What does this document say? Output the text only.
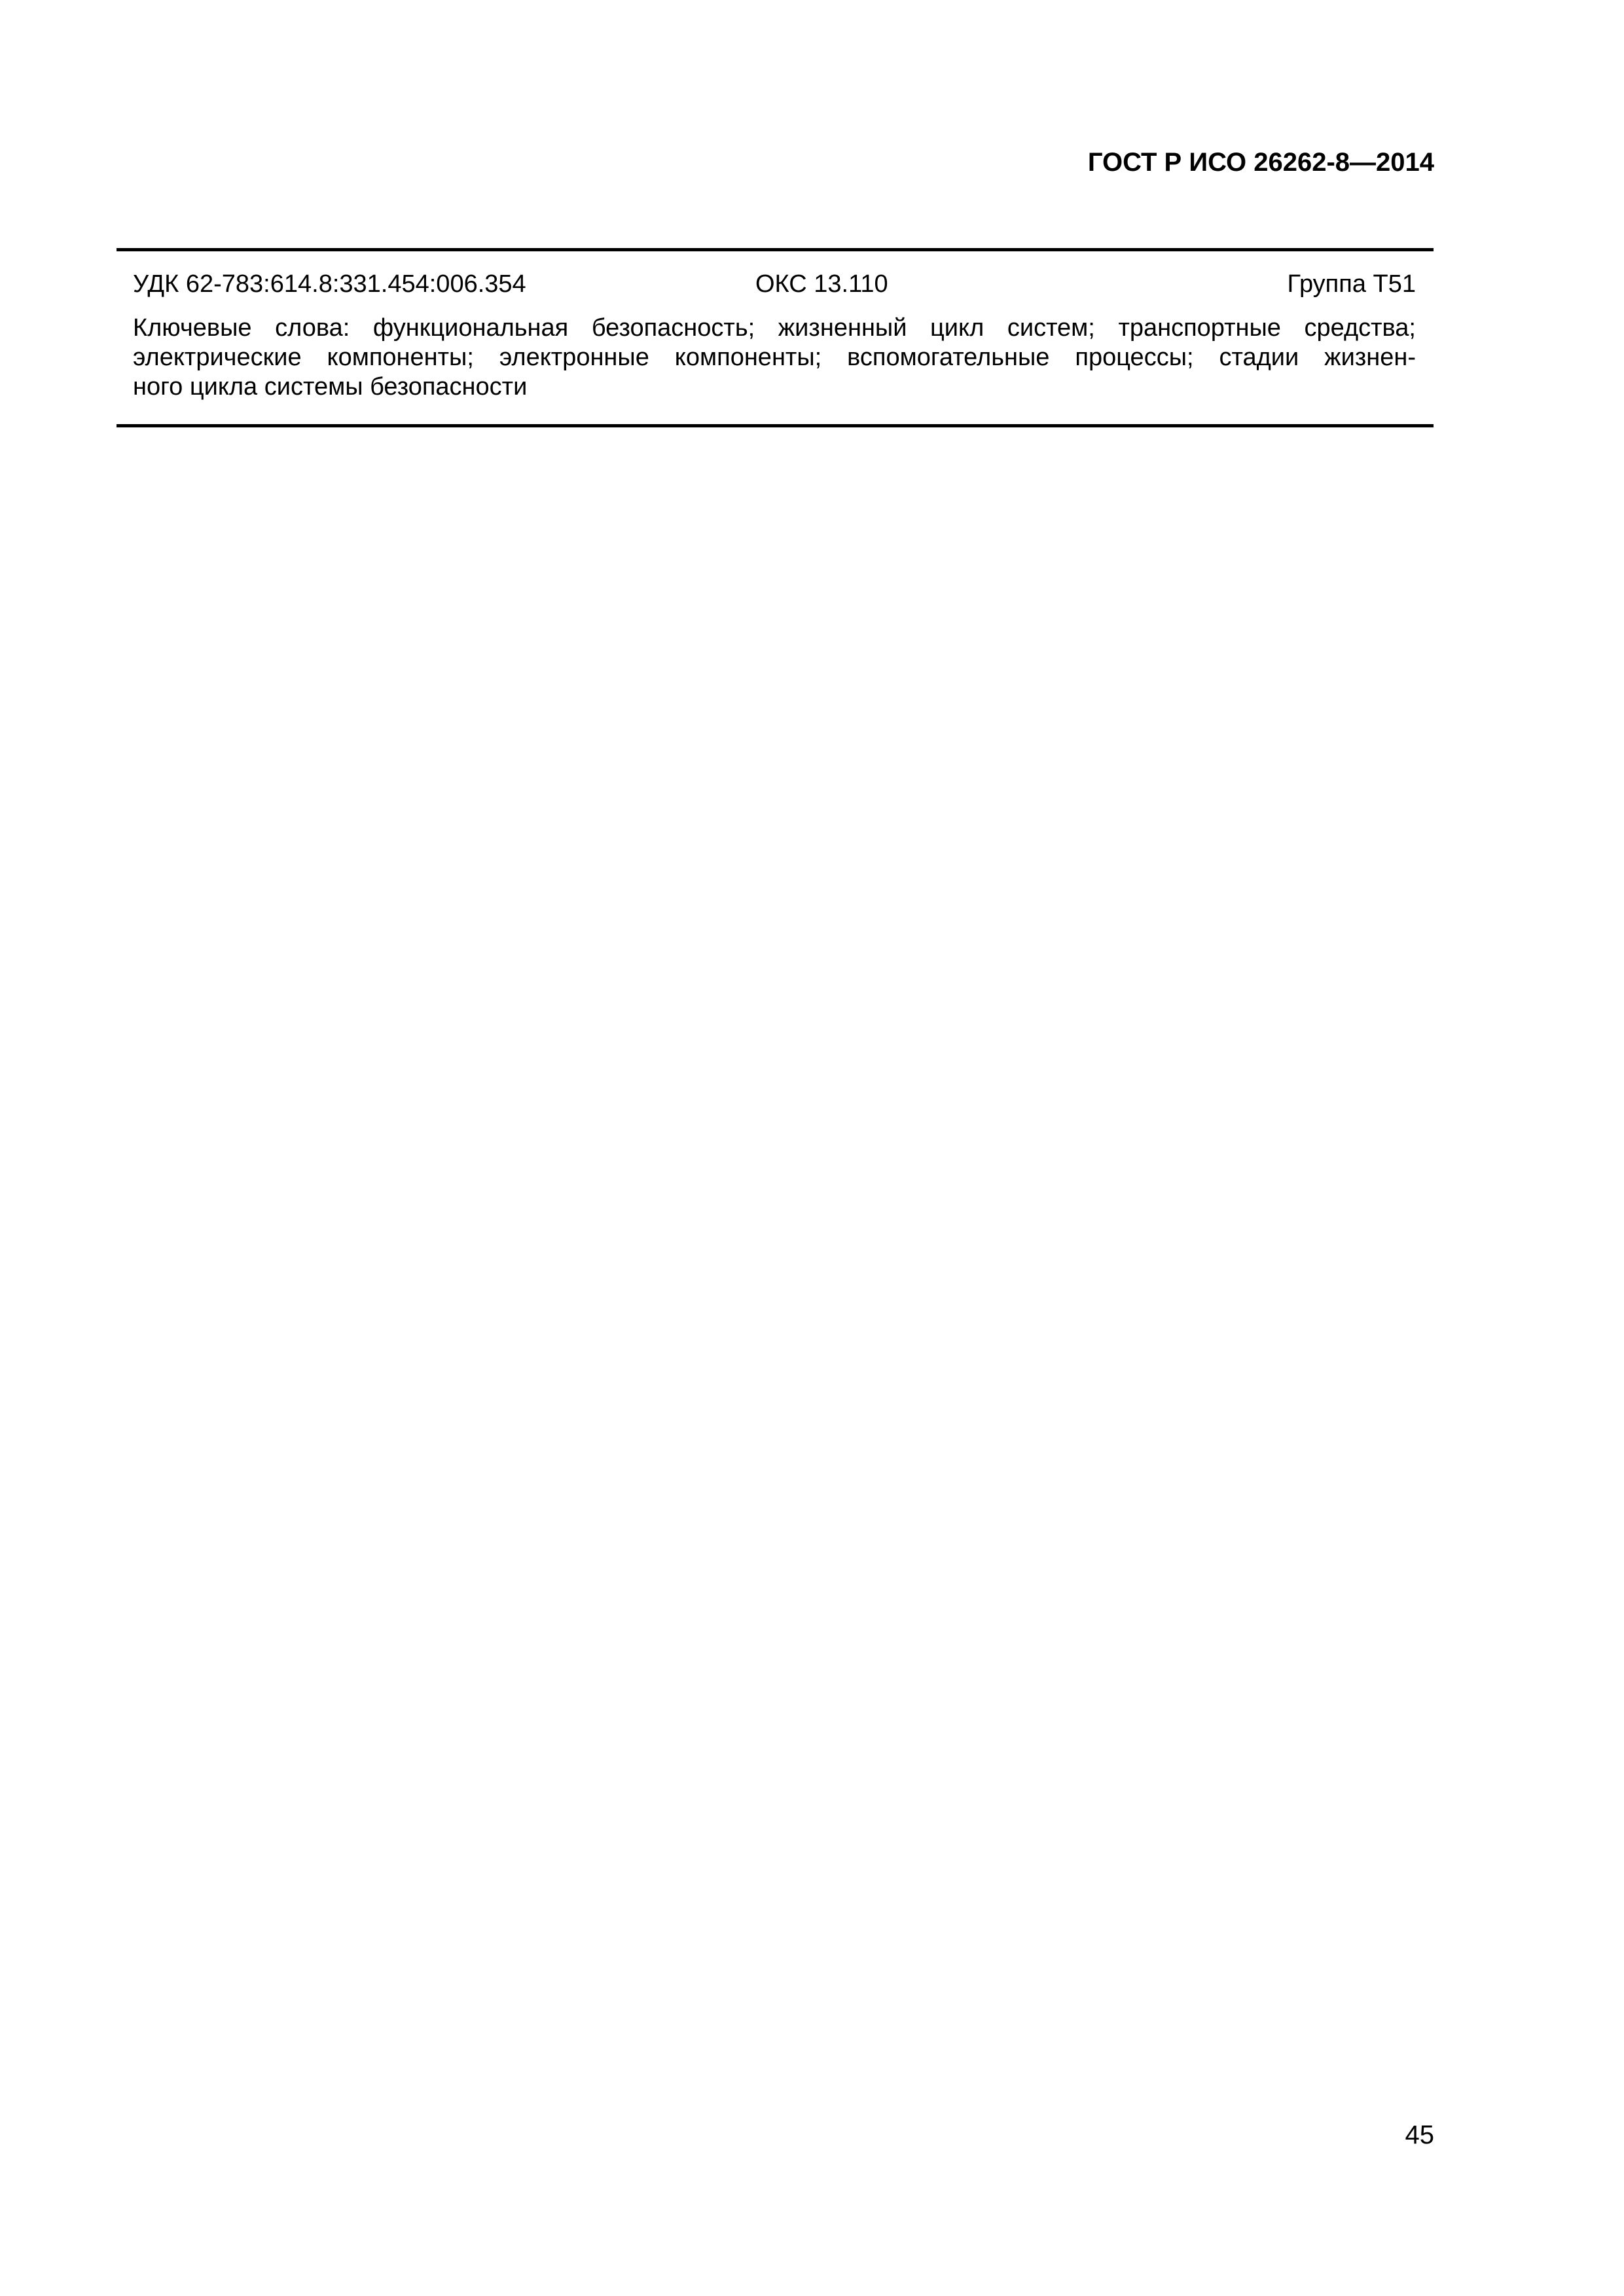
ГОСТ Р ИСО 26262-8—2014
УДК 62-783:614.8:331.454:006.354	ОКС 13.110	Группа Т51
Ключевые слова: функциональная безопасность; жизненный цикл систем; транспортные средства;
электрические компоненты; электронные компоненты; вспомогательные процессы; стадии жизнен-
ного цикла системы безопасности
45
